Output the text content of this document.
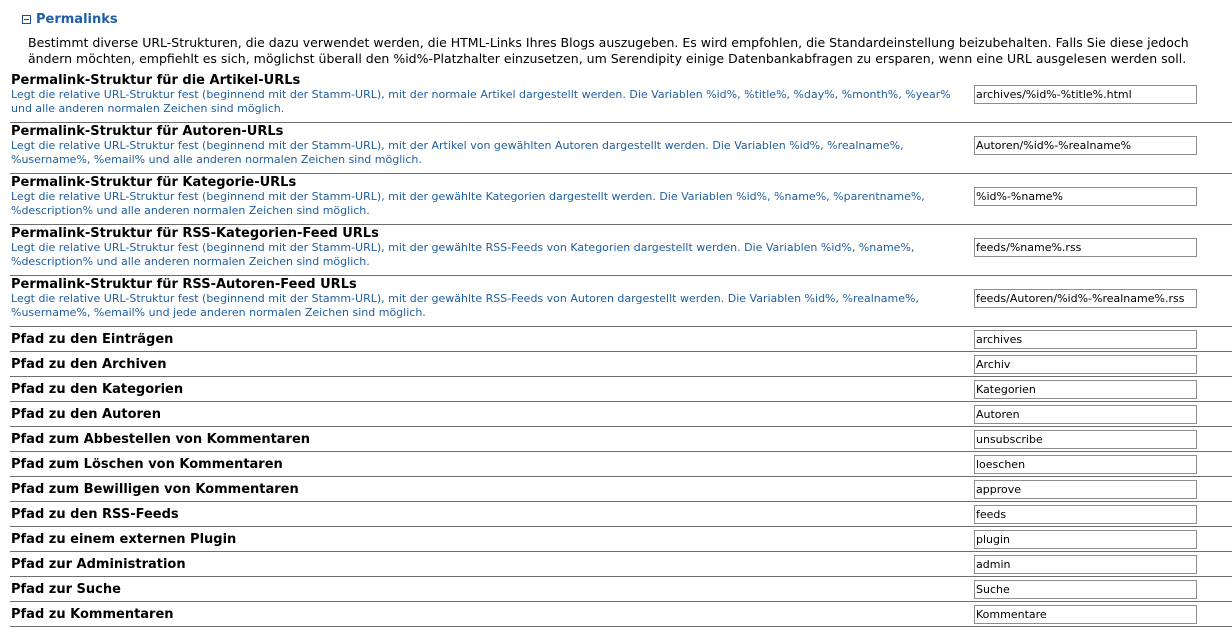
Permalinks
Bestimmt diverse URL-Strukturen, die dazu verwendet werden, die HTML-Links Ihres Blogs auszugeben. Es wird empfohlen, die Standardeinstellung beizubehalten. Falls Sie diese jedoch
ändern möchten, empfiehlt es sich, möglichst überall den %id%-Platzhalter einzusetzen, um Serendipity einige Datenbankabfragen zu ersparen, wenn eine URL ausgelesen werden soll.
Permalink-Struktur für die Artikel-URLs
Legt die relative URL-Struktur fest (beginnend mit der Stamm-URL), mit der normale Artikel dargestellt werden. Die Variablen %id%, %title%, %day%, %month%, %year% und alle anderen normalen Zeichen sind möglich.
archives/%id%-%title%.html
Permalink-Struktur für Autoren-URLs
Legt die relative URL-Struktur fest (beginnend mit der Stamm-URL), mit der Artikel von gewählten Autoren dargestellt werden. Die Variablen %id%, %realname%, %username%, %email% und alle anderen normalen Zeichen sind möglich.
Autoren/%id%-%realname%
Permalink-Struktur für Kategorie-URLs
Legt die relative URL-Struktur fest (beginnend mit der Stamm-URL), mit der gewählte Kategorien dargestellt werden. Die Variablen %id%, %name%, %parentname%, %description% und alle anderen normalen Zeichen sind möglich.
%id%-%name%
Permalink-Struktur für RSS-Kategorien-Feed URLs
Legt die relative URL-Struktur fest (beginnend mit der Stamm-URL), mit der gewählte RSS-Feeds von Kategorien dargestellt werden. Die Variablen %id%, %name%, %description% und alle anderen normalen Zeichen sind möglich.
feeds/%name%.rss
Permalink-Struktur für RSS-Autoren-Feed URLs
Legt die relative URL-Struktur fest (beginnend mit der Stamm-URL), mit der gewählte RSS-Feeds von Autoren dargestellt werden. Die Variablen %id%, %realname%, %username%, %email% und jede anderen normalen Zeichen sind möglich.
feeds/Autoren/%id%-%realname%.rss
Pfad zu den Einträgen
archives
Pfad zu den Archiven
Archiv
Pfad zu den Kategorien
Kategorien
Pfad zu den Autoren
Autoren
Pfad zum Abbestellen von Kommentaren
unsubscribe
Pfad zum Löschen von Kommentaren
loeschen
Pfad zum Bewilligen von Kommentaren
approve
Pfad zu den RSS-Feeds
feeds
Pfad zu einem externen Plugin
plugin
Pfad zur Administration
admin
Pfad zur Suche
Suche
Pfad zu Kommentaren
Kommentare
